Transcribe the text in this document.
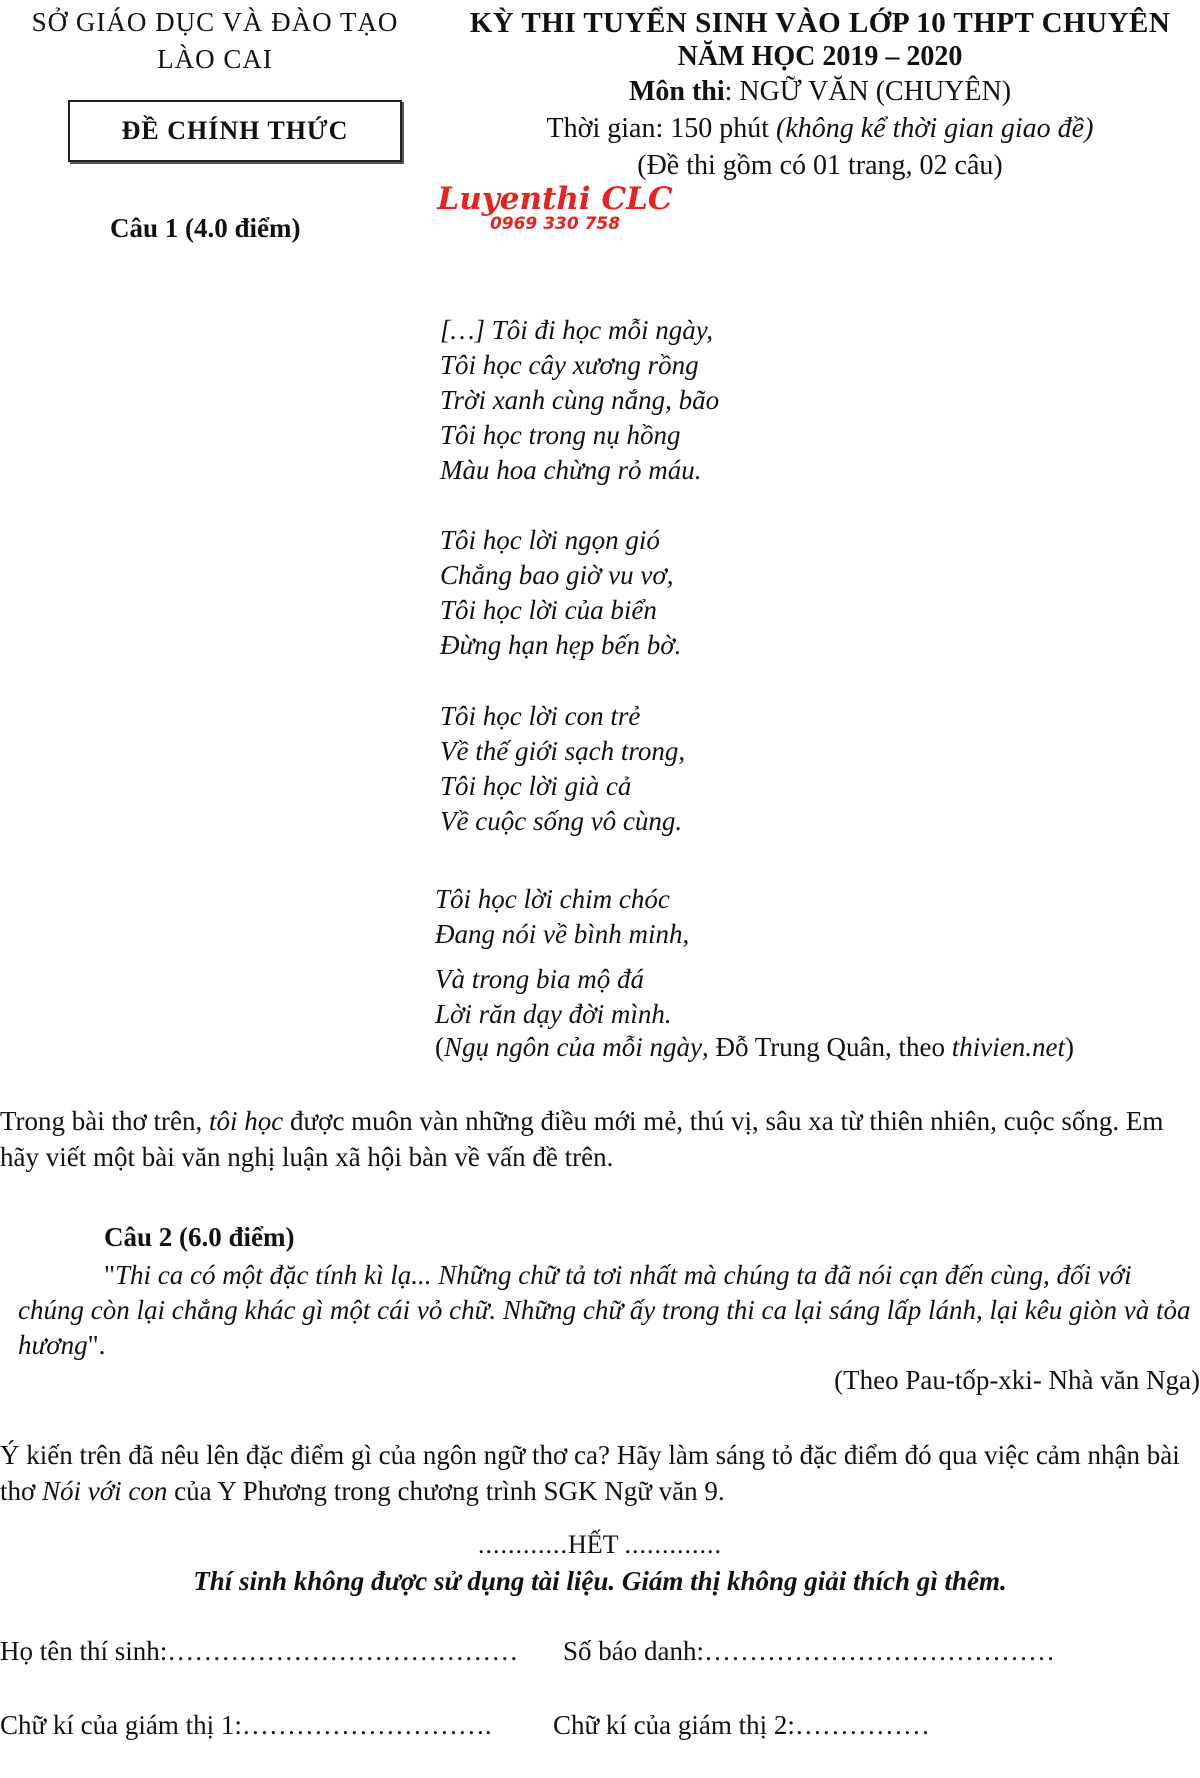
SỞ GIÁO DỤC VÀ ĐÀO TẠO
LÀO CAI
ĐỀ CHÍNH THỨC
KỲ THI TUYỂN SINH VÀO LỚP 10 THPT CHUYÊN
NĂM HỌC 2019 – 2020
Môn thi: NGỮ VĂN (CHUYÊN)
Thời gian: 150 phút (không kể thời gian giao đề)
(Đề thi gồm có 01 trang, 02 câu)
Luyenthi CLC
0969 330 758
Câu 1 (4.0 điểm)
[…] Tôi đi học mỗi ngày,
Tôi học cây xương rồng
Trời xanh cùng nắng, bão
Tôi học trong nụ hồng
Màu hoa chừng rỏ máu.
Tôi học lời ngọn gió
Chẳng bao giờ vu vơ,
Tôi học lời của biển
Đừng hạn hẹp bến bờ.
Tôi học lời con trẻ
Về thế giới sạch trong,
Tôi học lời già cả
Về cuộc sống vô cùng.
Tôi học lời chim chóc
Đang nói về bình minh,
Và trong bia mộ đá
Lời răn dạy đời mình.
(Ngụ ngôn của mỗi ngày, Đỗ Trung Quân, theo thivien.net)
Trong bài thơ trên, tôi học được muôn vàn những điều mới mẻ, thú vị, sâu xa từ thiên nhiên, cuộc sống. Em hãy viết một bài văn nghị luận xã hội bàn về vấn đề trên.
Câu 2 (6.0 điểm)
"Thi ca có một đặc tính kì lạ... Những chữ tả tơi nhất mà chúng ta đã nói cạn đến cùng, đối với chúng còn lại chẳng khác gì một cái vỏ chữ. Những chữ ấy trong thi ca lại sáng lấp lánh, lại kêu giòn và tỏa hương".
(Theo Pau-tốp-xki- Nhà văn Nga)
Ý kiến trên đã nêu lên đặc điểm gì của ngôn ngữ thơ ca? Hãy làm sáng tỏ đặc điểm đó qua việc cảm nhận bài thơ Nói với con của Y Phương trong chương trình SGK Ngữ văn 9.
............HẾT .............
Thí sinh không được sử dụng tài liệu. Giám thị không giải thích gì thêm.
Họ tên thí sinh:………………………………… Số báo danh:…………………………………
Chữ kí của giám thị 1:………………………. Chữ kí của giám thị 2:……………
